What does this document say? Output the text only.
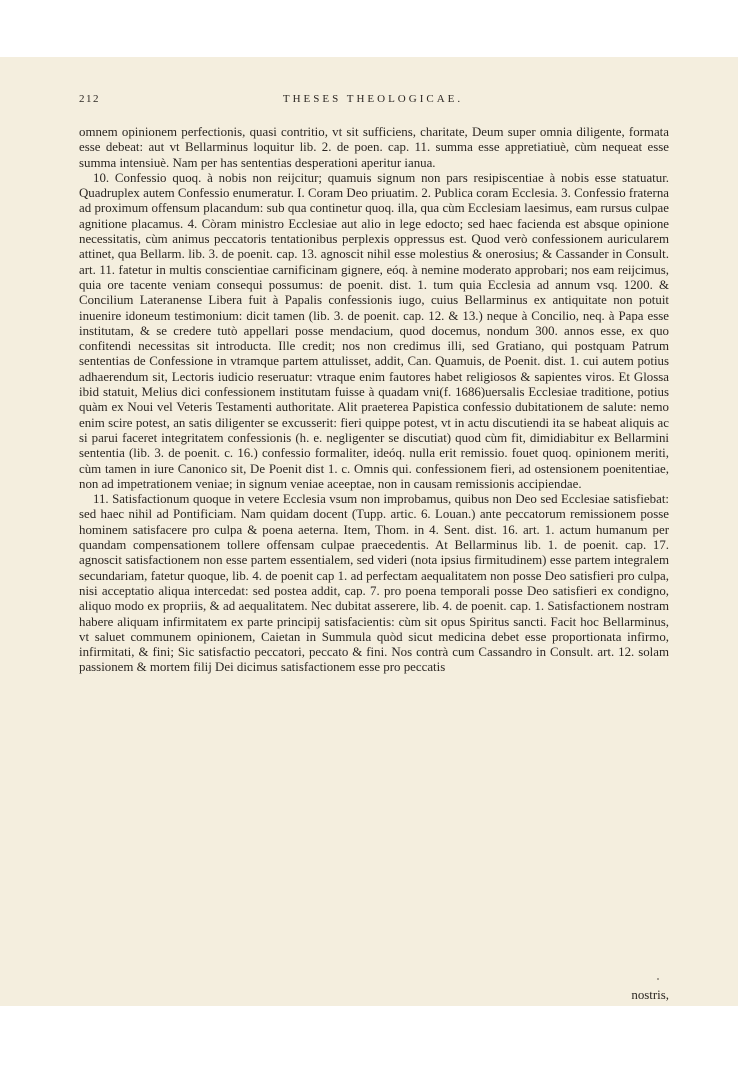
212	THESES THEOLOGICAE.

omnem opinionem perfectionis, quasi contritio, vt sit sufficiens, charitate, Deum super omnia diligente, formata esse debeat: aut vt Bellarminus loquitur lib. 2. de poen. cap. 11. summa esse appretiatiuè, cùm nequeat esse summa intensiuè. Nam per has sententias desperationi aperitur ianua.

10. Confessio quoq. à nobis non reijcitur; quamuis signum non pars resipiscentiae à nobis esse statuatur. Quadruplex autem Confessio enumeratur. I. Coram Deo priuatim. 2. Publica coram Ecclesia. 3. Confessio fraterna ad proximum offensum placandum: sub qua continetur quoq. illa, qua cùm Ecclesiam laesimus, eam rursus culpae agnitione placamus. 4. Còram ministro Ecclesiae aut alio in lege edocto; sed haec facienda est absque opinione necessitatis, cùm animus peccatoris tentationibus perplexis oppressus est. Quod verò confessionem auricularem attinet, qua Bellarm. lib. 3. de poenit. cap. 13. agnoscit nihil esse molestius & onerosius; & Cassander in Consult. art. 11. fatetur in multis conscientiae carnificinam gignere, eóq. à nemine moderato approbari; nos eam reijcimus, quia ore tacente veniam consequi possumus: de poenit. dist. 1. tum quia Ecclesia ad annum vsq. 1200. & Concilium Lateranense Libera fuit à Papalis confessionis iugo, cuius Bellarminus ex antiquitate non potuit inuenire idoneum testimonium: dicit tamen (lib. 3. de poenit. cap. 12. & 13.) neque à Concilio, neq. à Papa esse institutam, & se credere tutò appellari posse mendacium, quod docemus, nondum 300. annos esse, ex quo confitendi necessitas sit introducta. Ille credit; nos non credimus illi, sed Gratiano, qui postquam Patrum sententias de Confessione in vtramque partem attulisset, addit, Can. Quamuis, de Poenit. dist. 1. cui autem potius adhaerendum sit, Lectoris iudicio reseruatur: vtraque enim fautores habet religiosos & sapientes viros. Et Glossa ibid statuit, Melius dici confessionem institutam fuisse à quadam vni(f. 1686)uersalis Ecclesiae traditione, potius quàm ex Noui vel Veteris Testamenti authoritate. Alit praeterea Papistica confessio dubitationem de salute: nemo enim scire potest, an satis diligenter se excusserit: fieri quippe potest, vt in actu discutiendi ita se habeat aliquis ac si parui faceret integritatem confessionis (h. e. negligenter se discutiat) quod cùm fit, dimidiabitur ex Bellarmini sententia (lib. 3. de poenit. c. 16.) confessio formaliter, ideóq. nulla erit remissio. fouet quoq. opinionem meriti, cùm tamen in iure Canonico sit, De Poenit dist 1. c. Omnis qui. confessionem fieri, ad ostensionem poenitentiae, non ad impetrationem veniae; in signum veniae aceeptae, non in causam remissionis accipiendae.

11. Satisfactionum quoque in vetere Ecclesia vsum non improbamus, quibus non Deo sed Ecclesiae satisfiebat: sed haec nihil ad Pontificiam. Nam quidam docent (Tupp. artic. 6. Louan.) ante peccatorum remissionem posse hominem satisfacere pro culpa & poena aeterna. Item, Thom. in 4. Sent. dist. 16. art. 1. actum humanum per quandam compensationem tollere offensam culpae praecedentis. At Bellarminus lib. 1. de poenit. cap. 17. agnoscit satisfactionem non esse partem essentialem, sed videri (nota ipsius firmitudinem) esse partem integralem secundariam, fatetur quoque, lib. 4. de poenit cap 1. ad perfectam aequalitatem non posse Deo satisfieri pro culpa, nisi acceptatio aliqua intercedat: sed postea addit, cap. 7. pro poena temporali posse Deo satisfieri ex condigno, aliquo modo ex propriis, & ad aequalitatem. Nec dubitat asserere, lib. 4. de poenit. cap. 1. Satisfactionem nostram habere aliquam infirmitatem ex parte principij satisfacientis: cùm sit opus Spiritus sancti. Facit hoc Bellarminus, vt saluet communem opinionem, Caietan in Summula quòd sicut medicina debet esse proportionata infirmo, infirmitati, & fini; Sic satisfactio peccatori, peccato & fini. Nos contrà cum Cassandro in Consult. art. 12. solam passionem & mortem filij Dei dicimus satisfactionem esse pro peccatis

nostris,
